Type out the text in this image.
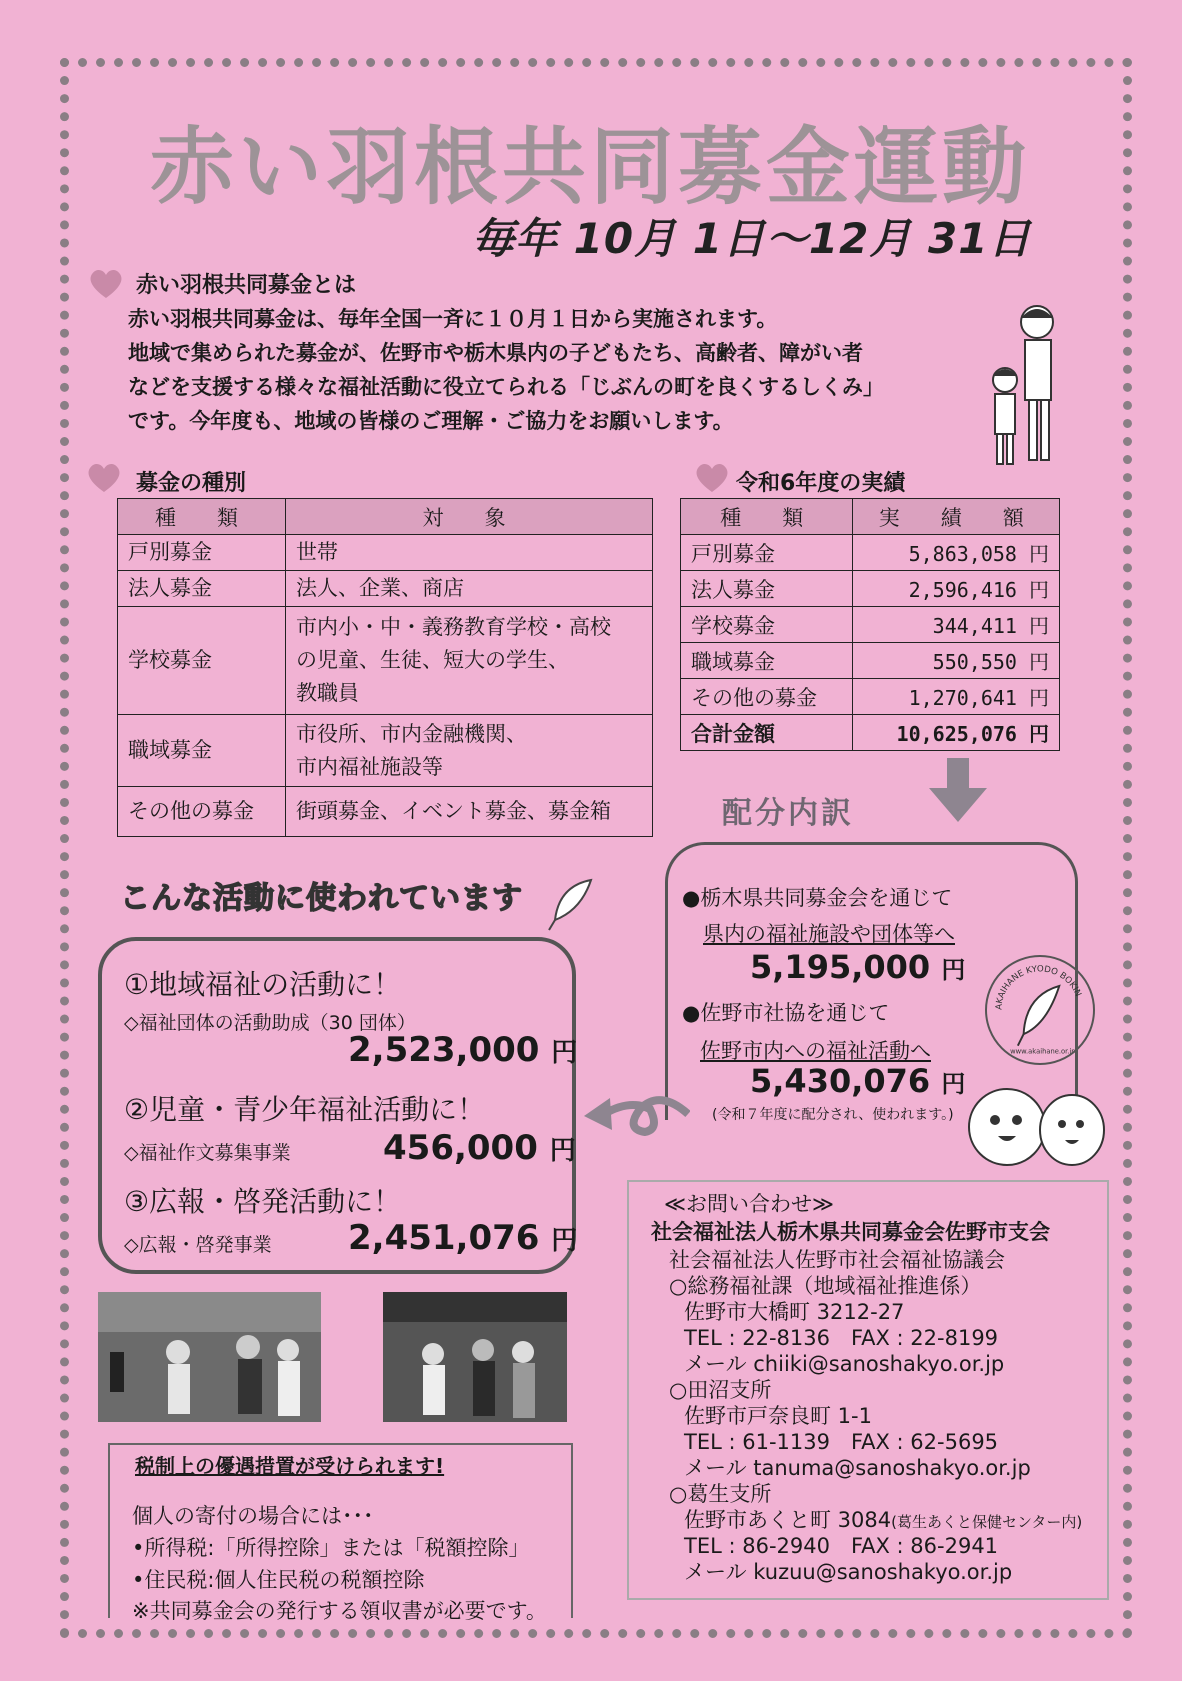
赤い羽根共同募金運動
毎年 10月 1日～12月 31日
赤い羽根共同募金とは

赤い羽根共同募金は、毎年全国一斉に１０月１日から実施されます。

地域で集められた募金が、佐野市や栃木県内の子どもたち、高齢者、障がい者

などを支援する様々な福祉活動に役立てられる「じぶんの町を良くするしくみ」

です。今年度も、地域の皆様のご理解・ご協力をお願いします。

募金の種別
種　類	対　象
戸別募金	世帯
法人募金	法人、企業、商店
学校募金	市内小・中・義務教育学校・高校
の児童、生徒、短大の学生、
教職員

職域募金	市役所、市内金融機関、
市内福祉施設等

その他の募金	街頭募金、イベント募金、募金箱
令和6年度の実績
種　類	実　績　額
戸別募金	5,863,058 円
法人募金	2,596,416 円
学校募金	344,411 円
職域募金	550,550 円
その他の募金	1,270,641 円
合計金額	10,625,076 円
配分内訳
●栃木県共同募金会を通じて
県内の福祉施設や団体等へ
5,195,000 円
●佐野市社協を通じて
佐野市内への福祉活動へ
5,430,076 円
(令和７年度に配分され、使われます。)
AKAIHANE KYODO BOKIN
www.akaihane.or.jp
こんな活動に使われています
①地域福祉の活動に！
◇福祉団体の活動助成（30 団体）
2,523,000 円
②児童・青少年福祉活動に！
◇福祉作文募集事業	456,000 円
③広報・啓発活動に！
◇広報・啓発事業 2,451,076 円
税制上の優遇措置が受けられます!
個人の寄付の場合には･･･
•所得税:「所得控除」または「税額控除」
•住民税:個人住民税の税額控除
※共同募金会の発行する領収書が必要です。
≪お問い合わせ≫
社会福祉法人栃木県共同募金会佐野市支会
社会福祉法人佐野市社会福祉協議会
○総務福祉課（地域福祉推進係）
佐野市大橋町 3212-27
TEL : 22-8136　FAX : 22-8199
メール chiiki@sanoshakyo.or.jp
○田沼支所
佐野市戸奈良町 1-1
TEL : 61-1139　FAX : 62-5695
メール tanuma@sanoshakyo.or.jp
○葛生支所
佐野市あくと町 3084(葛生あくと保健センター内)
TEL : 86-2940　FAX : 86-2941
メール kuzuu@sanoshakyo.or.jp
